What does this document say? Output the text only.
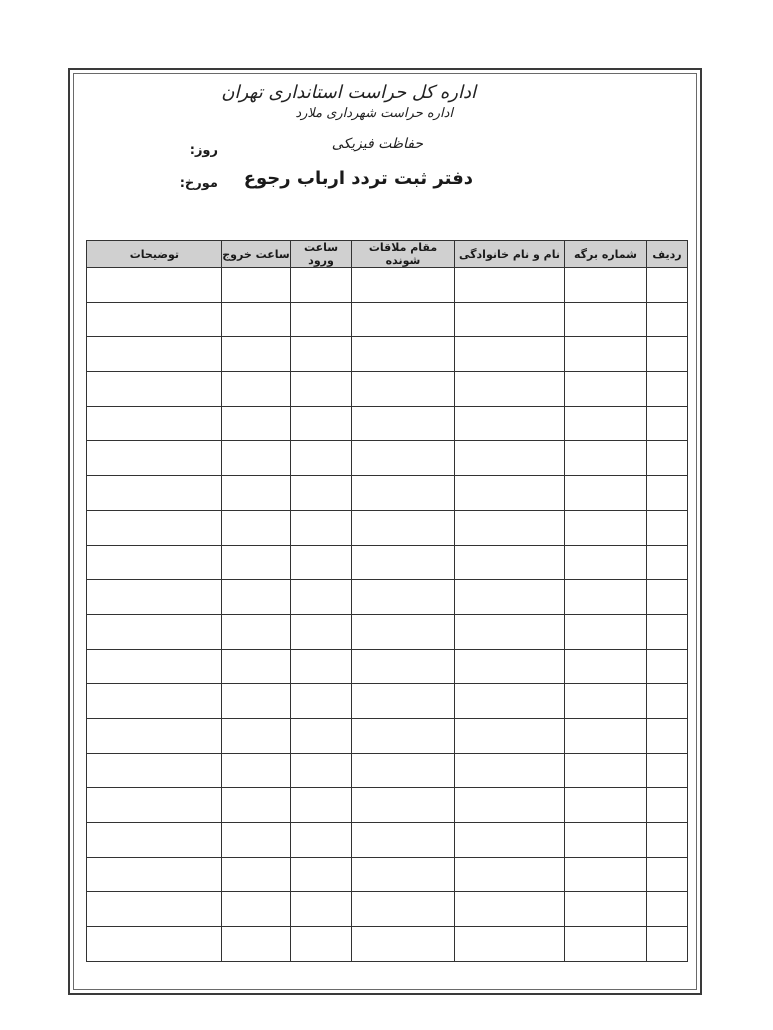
اداره کل حراست استانداری تهران
اداره حراست شهرداری ملارد
حفاظت فیزیکی
دفتر ثبت تردد ارباب رجوع
روز:
مورخ:
ردیف	شماره برگه	نام و نام خانوادگی	مقام ملاقات شونده	ساعت ورود	ساعت خروج	توضیحات
